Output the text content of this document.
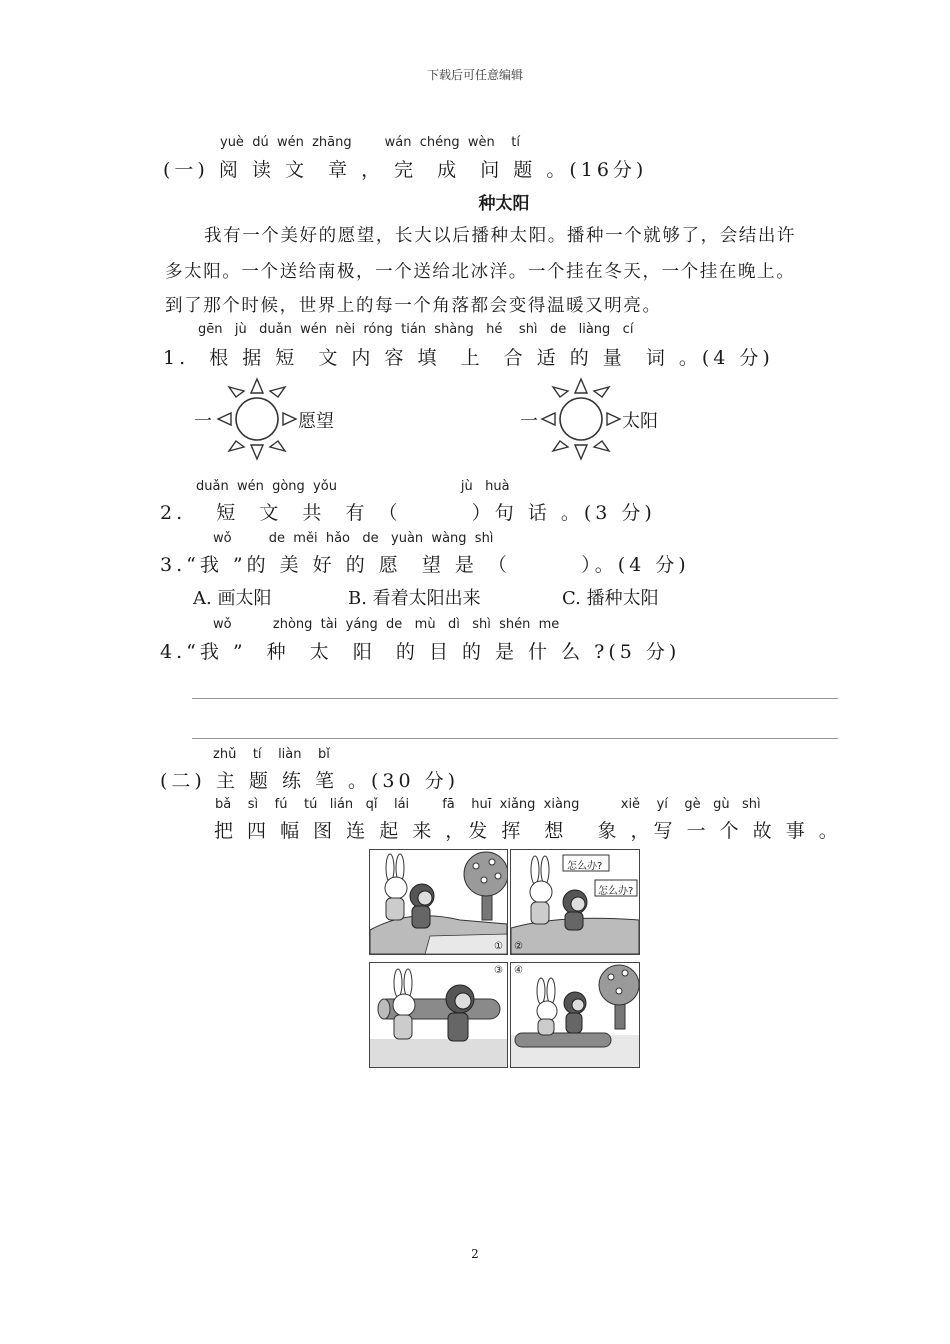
下载后可任意编辑
yuè  dú  wén  zhāng        wán  chéng  wèn    tí
(一) 阅 读 文  章 ， 完  成  问 题 。(16分)
种太阳
我有一个美好的愿望，长大以后播种太阳。播种一个就够了，会结出许
多太阳。一个送给南极，一个送给北冰洋。一个挂在冬天，一个挂在晚上。
到了那个时候，世界上的每一个角落都会变得温暖又明亮。
gēn   jù   duǎn  wén  nèi  róng  tián  shàng   hé    shì   de   liàng   cí
1.  根 据 短  文 内 容 填  上  合 适 的 量  词 。(4 分)
一	愿望	一	太阳
duǎn  wén  gòng  yǒu                              jù   huà
2.   短  文  共  有 （       ）句 话 。(3 分)
wǒ         de  měi  hǎo   de   yuàn  wàng  shì
3.“我 ”的 美 好 的 愿  望 是 （       ）。(4 分)
A. 画太阳	B. 看着太阳出来	C. 播种太阳
wǒ          zhòng  tài  yáng  de   mù   dì   shì  shén  me
4.“我 ”  种  太  阳  的 目 的 是 什 么 ?(5 分)
zhǔ    tí    liàn    bǐ
(二) 主 题 练 笔 。(30 分)
bǎ    sì    fú    tú   lián   qǐ    lái        fā    huī  xiǎng  xiàng          xiě    yí    gè   gù   shì
把 四 幅 图 连 起 来 ，发 挥  想   象 ，写 一 个 故 事 。
①
怎么办?
怎么办?
②
③ ④
2
